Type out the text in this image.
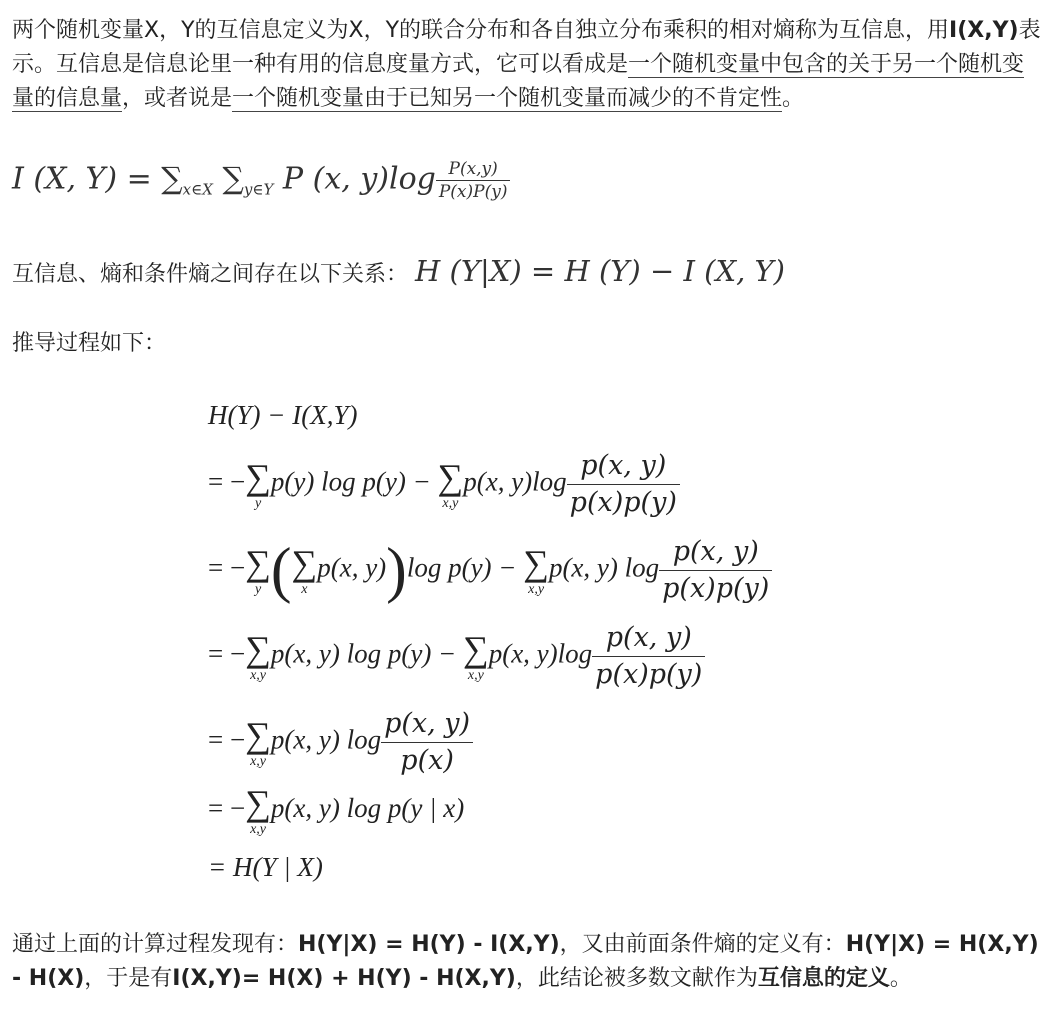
两个随机变量X，Y的互信息定义为X，Y的联合分布和各自独立分布乘积的相对熵称为互信息，用I(X,Y)表示。互信息是信息论里一种有用的信息度量方式，它可以看成是一个随机变量中包含的关于另一个随机变量的信息量，或者说是一个随机变量由于已知另一个随机变量而减少的不肯定性。
I (X, $Y) = \sum_{x\in X}$ $\sum_{y\in Y}$ P (x, $y)\log \frac{P(x,y)}{P(x)P(y)}$
互信息、熵和条件熵之间存在以下关系： H (Y|X) = H (Y) − I (X, Y)
推导过程如下：
H(Y) − I(X,Y)
= − ∑
y
p(y) log p(y) − ∑
x,y
p(x, $y)\log \frac{p(x, y)}{p(x)p(y)}$
= − ∑
y ( ∑
x
p(x, y))log p(y) − ∑
x,y
p(x, y) $\log \frac{p(x, y)}{p(x)p(y)}$
= − ∑
x,y
p(x, y) log p(y) − ∑
x,y
p(x, $y)\log \frac{p(x, y)}{p(x)p(y)}$
= − ∑
x,y
p(x, y) $\log \frac{p(x, y)}{p(x)}$
= − ∑
x,y
p(x, y) log p(y | x)
= H(Y | X)
通过上面的计算过程发现有：H(Y|X) = H(Y) - I(X,Y)，又由前面条件熵的定义有：H(Y|X) = H(X,Y) - H(X)，于是有I(X,Y)= H(X) + H(Y) - H(X,Y)，此结论被多数文献作为互信息的定义。
